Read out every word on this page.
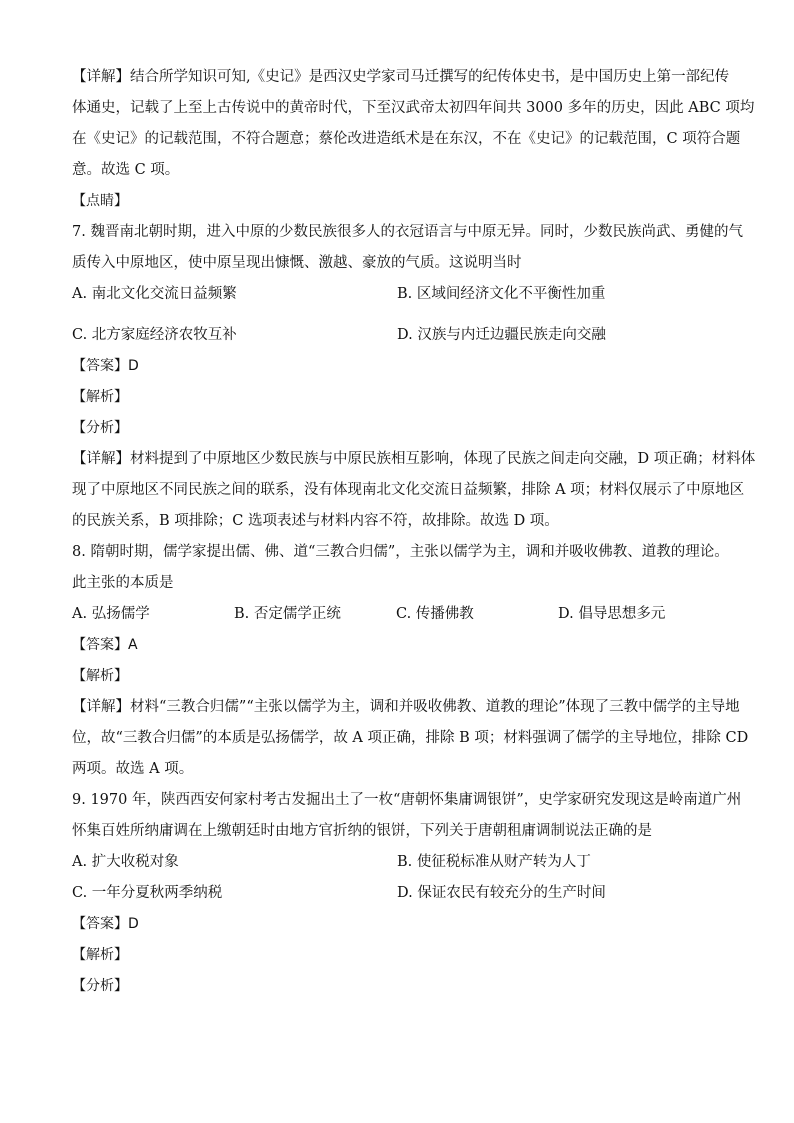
【详解】结合所学知识可知,《史记》是西汉史学家司马迁撰写的纪传体史书，是中国历史上第一部纪传
体通史，记载了上至上古传说中的黄帝时代，下至汉武帝太初四年间共 3000 多年的历史，因此 ABC 项均
在《史记》的记载范围，不符合题意；蔡伦改进造纸术是在东汉，不在《史记》的记载范围，C 项符合题
意。故选 C 项。
【点睛】
7. 魏晋南北朝时期，进入中原的少数民族很多人的衣冠语言与中原无异。同时，少数民族尚武、勇健的气
质传入中原地区，使中原呈现出慷慨、激越、豪放的气质。这说明当时
A. 南北文化交流日益频繁	B. 区域间经济文化不平衡性加重
C. 北方家庭经济农牧互补	D. 汉族与内迁边疆民族走向交融
【答案】D
【解析】
【分析】
【详解】材料提到了中原地区少数民族与中原民族相互影响，体现了民族之间走向交融，D 项正确；材料体
现了中原地区不同民族之间的联系，没有体现南北文化交流日益频繁，排除 A 项；材料仅展示了中原地区
的民族关系，B 项排除；C 选项表述与材料内容不符，故排除。故选 D 项。
8. 隋朝时期，儒学家提出儒、佛、道“三教合归儒”，主张以儒学为主，调和并吸收佛教、道教的理论。
此主张的本质是
A. 弘扬儒学	B. 否定儒学正统	C. 传播佛教	D. 倡导思想多元
【答案】A
【解析】
【详解】材料“三教合归儒”“主张以儒学为主，调和并吸收佛教、道教的理论”体现了三教中儒学的主导地
位，故“三教合归儒”的本质是弘扬儒学，故 A 项正确，排除 B 项；材料强调了儒学的主导地位，排除 CD
两项。故选 A 项。
9. 1970 年，陕西西安何家村考古发掘出土了一枚“唐朝怀集庸调银饼”，史学家研究发现这是岭南道广州
怀集百姓所纳庸调在上缴朝廷时由地方官折纳的银饼，下列关于唐朝租庸调制说法正确的是
A. 扩大收税对象	B. 使征税标准从财产转为人丁
C. 一年分夏秋两季纳税	D. 保证农民有较充分的生产时间
【答案】D
【解析】
【分析】
